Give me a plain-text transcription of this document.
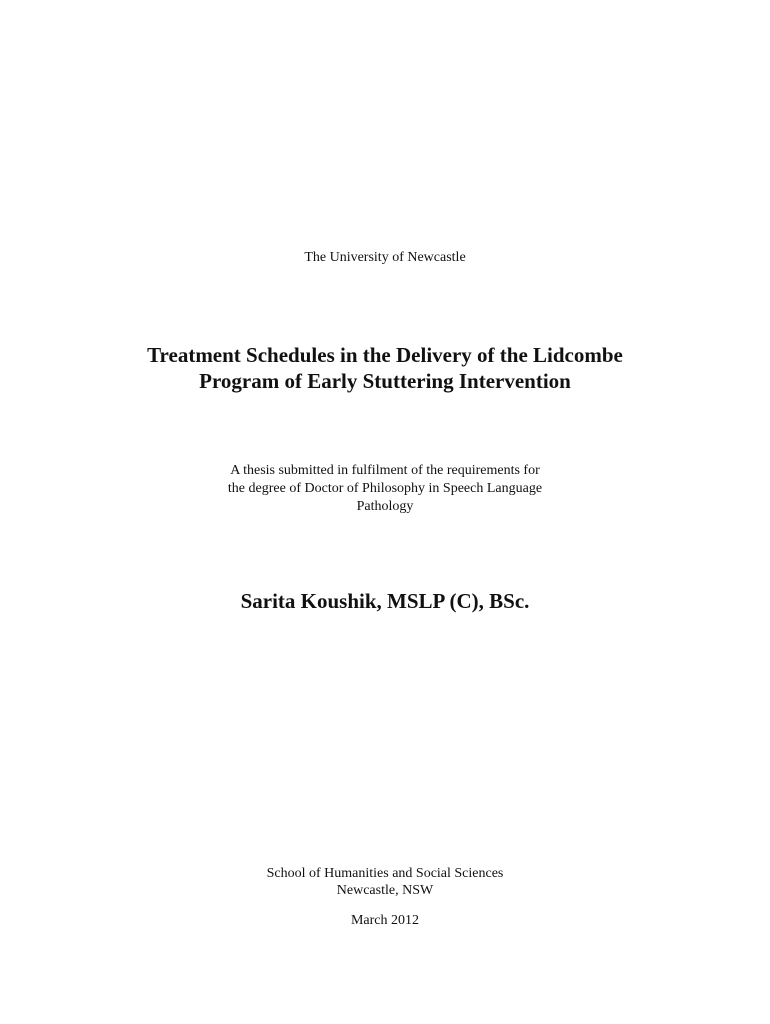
The University of Newcastle
Treatment Schedules in the Delivery of the Lidcombe
Program of Early Stuttering Intervention
A thesis submitted in fulfilment of the requirements for
the degree of Doctor of Philosophy in Speech Language
Pathology
Sarita Koushik, MSLP (C), BSc.
School of Humanities and Social Sciences
Newcastle, NSW
March 2012
